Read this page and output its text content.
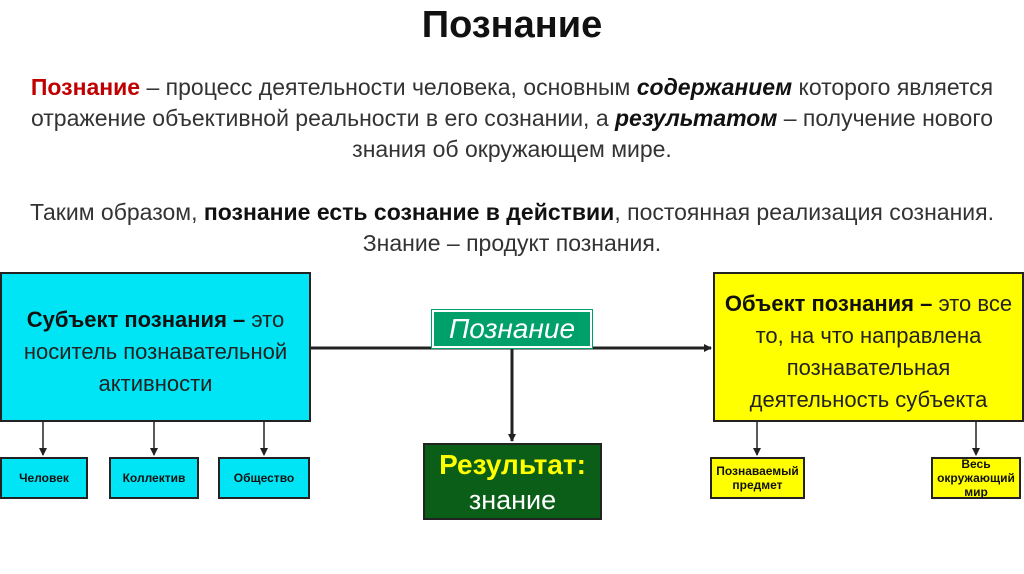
Познание
Познание – процесс деятельности человека, основным содержанием которого является отражение объективной реальности в его сознании, а результатом – получение нового знания об окружающем мире.
Таким образом, познание есть сознание в действии, постоянная реализация сознания. Знание – продукт познания.
Субъект познания – это носитель познавательной активности
Познание
Объект познания – это все то, на что направлена познавательная деятельность субъекта
Результат:
знание
Человек	Коллектив	Общество	Познаваемый предмет
Весь окружающий мир
